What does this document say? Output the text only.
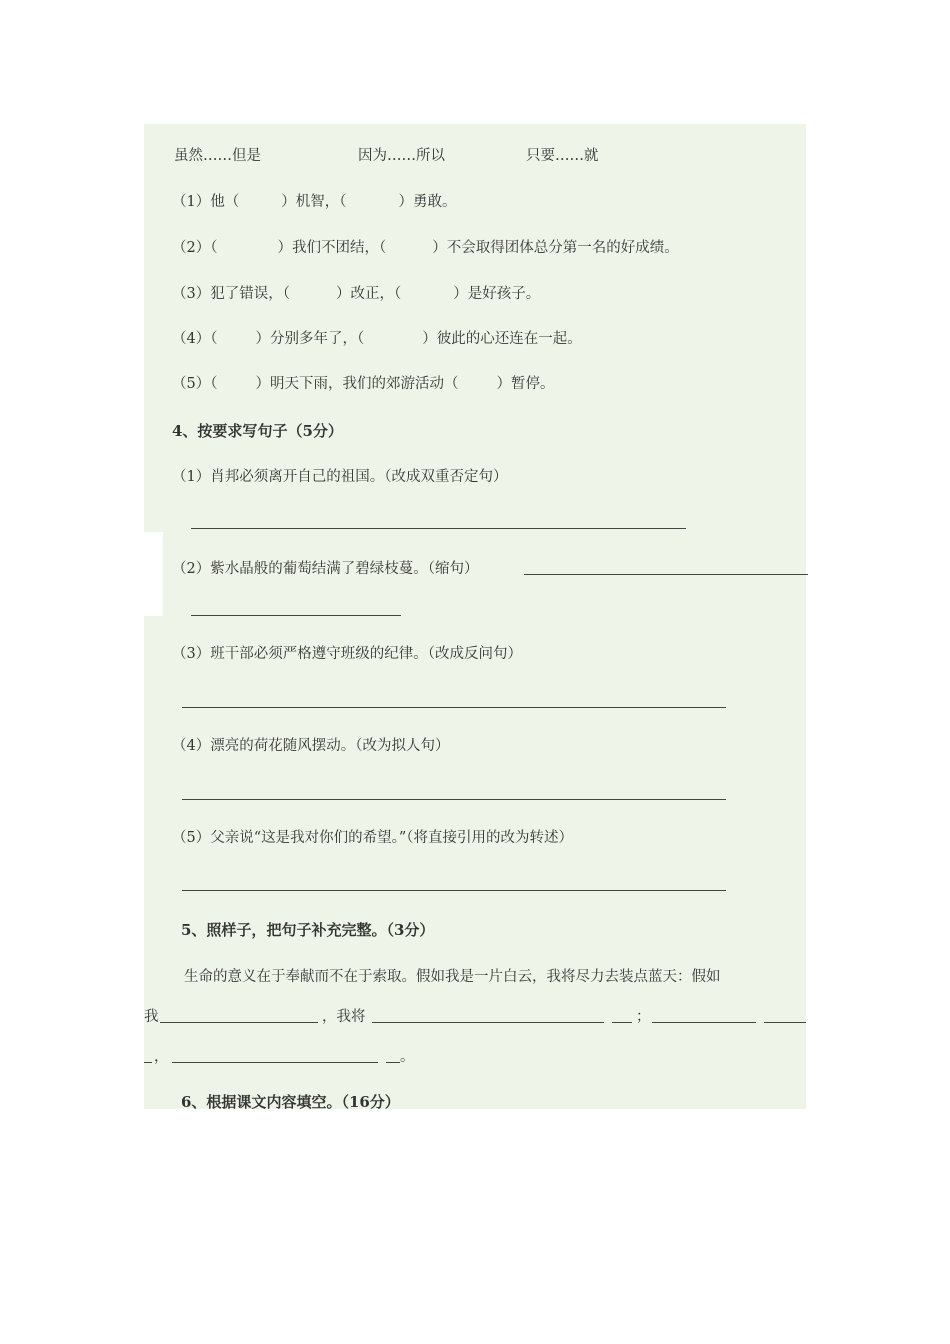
虽然……但是	因为……所以	只要……就
（1）他（	）机智，（	）勇敢。
（2）（	）我们不团结，（	）不会取得团体总分第一名的好成绩。
（3）犯了错误，（	）改正，（	）是好孩子。
（4）（	）分别多年了，（	）彼此的心还连在一起。
（5）（	）明天下雨，我们的郊游活动（	）暂停。
4、按要求写句子（5分）
（1）肖邦必须离开自己的祖国。（改成双重否定句）
（2）紫水晶般的葡萄结满了碧绿枝蔓。（缩句）
（3）班干部必须严格遵守班级的纪律。（改成反问句）
（4）漂亮的荷花随风摆动。（改为拟人句）
（5）父亲说“这是我对你们的希望。”（将直接引用的改为转述）
5、照样子，把句子补充完整。（3分）
生命的意义在于奉献而不在于索取。假如我是一片白云，我将尽力去装点蓝天：假如
我	，我将	；
，	。
6、根据课文内容填空。（16分）
